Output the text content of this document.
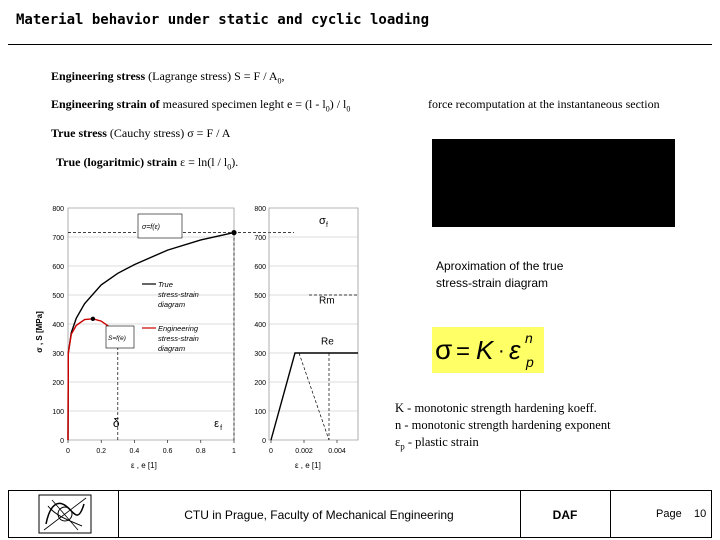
Material behavior under static and cyclic loading
Engineering stress (Lagrange stress) $S = F / A_0$,
Engineering strain of measured specimen leght $e = (l - l_0) / l_0$	force recomputation at the instantaneous section
True stress (Cauchy stress) σ = F / A
True (logaritmic) strain $\varepsilon = \ln(l / l_0)$.
0
100
200
300
400
500
600
700
800
0	0.2	0.4	0.6	0.8	1
ε , e [1]
σ , S [MPa]
σ=f(ε)
S=f(e)
True
stress-strain
diagram
Engineering
stress-strain
diagram
δ	ε f
0
100
200
300
400
500
600
700
800
0	0.002 0.004
ε , e [1]
σ f
Rm
Re
Aproximation of the true stress-strain diagram
σ = K · ε n
p
K - monotonic strength hardening koeff.
n - monotonic strength hardening exponent
$\varepsilon_p$ - plastic strain
CTU in Prague, Faculty of Mechanical Engineering	DAF	Page 10
